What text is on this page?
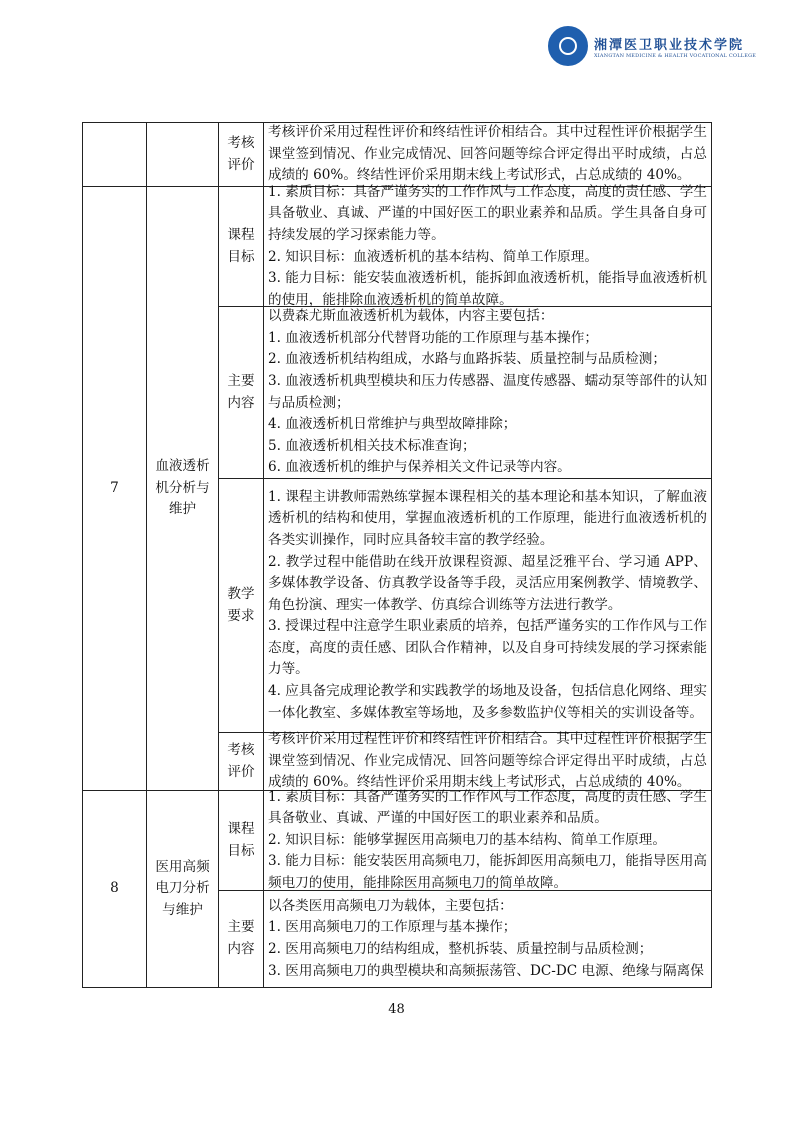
湘潭医卫职业技术学院
XIANGTAN MEDICINE & HEALTH VOCATIONAL COLLEGE
考核评价
考核评价采用过程性评价和终结性评价相结合。其中过程性评价根据学生课堂签到情况、作业完成情况、回答问题等综合评定得出平时成绩，占总成绩的 60%。终结性评价采用期末线上考试形式，占总成绩的 40%。
7
血液透析机分析与维护
课程目标
1. 素质目标：具备严谨务实的工作作风与工作态度，高度的责任感、学生具备敬业、真诚、严谨的中国好医工的职业素养和品质。学生具备自身可持续发展的学习探索能力等。
2. 知识目标：血液透析机的基本结构、简单工作原理。
3. 能力目标：能安装血液透析机，能拆卸血液透析机，能指导血液透析机的使用，能排除血液透析机的简单故障。
主要内容
以费森尤斯血液透析机为载体，内容主要包括：
1. 血液透析机部分代替肾功能的工作原理与基本操作；
2. 血液透析机结构组成，水路与血路拆装、质量控制与品质检测；
3. 血液透析机典型模块和压力传感器、温度传感器、蠕动泵等部件的认知与品质检测；
4. 血液透析机日常维护与典型故障排除；
5. 血液透析机相关技术标准查询；
6. 血液透析机的维护与保养相关文件记录等内容。
教学要求
1. 课程主讲教师需熟练掌握本课程相关的基本理论和基本知识，了解血液透析机的结构和使用，掌握血液透析机的工作原理，能进行血液透析机的各类实训操作，同时应具备较丰富的教学经验。
2. 教学过程中能借助在线开放课程资源、超星泛雅平台、学习通 APP、多媒体教学设备、仿真教学设备等手段，灵活应用案例教学、情境教学、角色扮演、理实一体教学、仿真综合训练等方法进行教学。
3. 授课过程中注意学生职业素质的培养，包括严谨务实的工作作风与工作态度，高度的责任感、团队合作精神，以及自身可持续发展的学习探索能力等。
4. 应具备完成理论教学和实践教学的场地及设备，包括信息化网络、理实一体化教室、多媒体教室等场地，及多参数监护仪等相关的实训设备等。
考核评价
考核评价采用过程性评价和终结性评价相结合。其中过程性评价根据学生课堂签到情况、作业完成情况、回答问题等综合评定得出平时成绩，占总成绩的 60%。终结性评价采用期末线上考试形式，占总成绩的 40%。
8
医用高频电刀分析与维护
课程目标
1. 素质目标：具备严谨务实的工作作风与工作态度，高度的责任感、学生具备敬业、真诚、严谨的中国好医工的职业素养和品质。
2. 知识目标：能够掌握医用高频电刀的基本结构、简单工作原理。
3. 能力目标：能安装医用高频电刀，能拆卸医用高频电刀，能指导医用高频电刀的使用，能排除医用高频电刀的简单故障。
主要内容
以各类医用高频电刀为载体，主要包括：
1. 医用高频电刀的工作原理与基本操作；
2. 医用高频电刀的结构组成，整机拆装、质量控制与品质检测；
3. 医用高频电刀的典型模块和高频振荡管、DC-DC 电源、绝缘与隔离保
48
